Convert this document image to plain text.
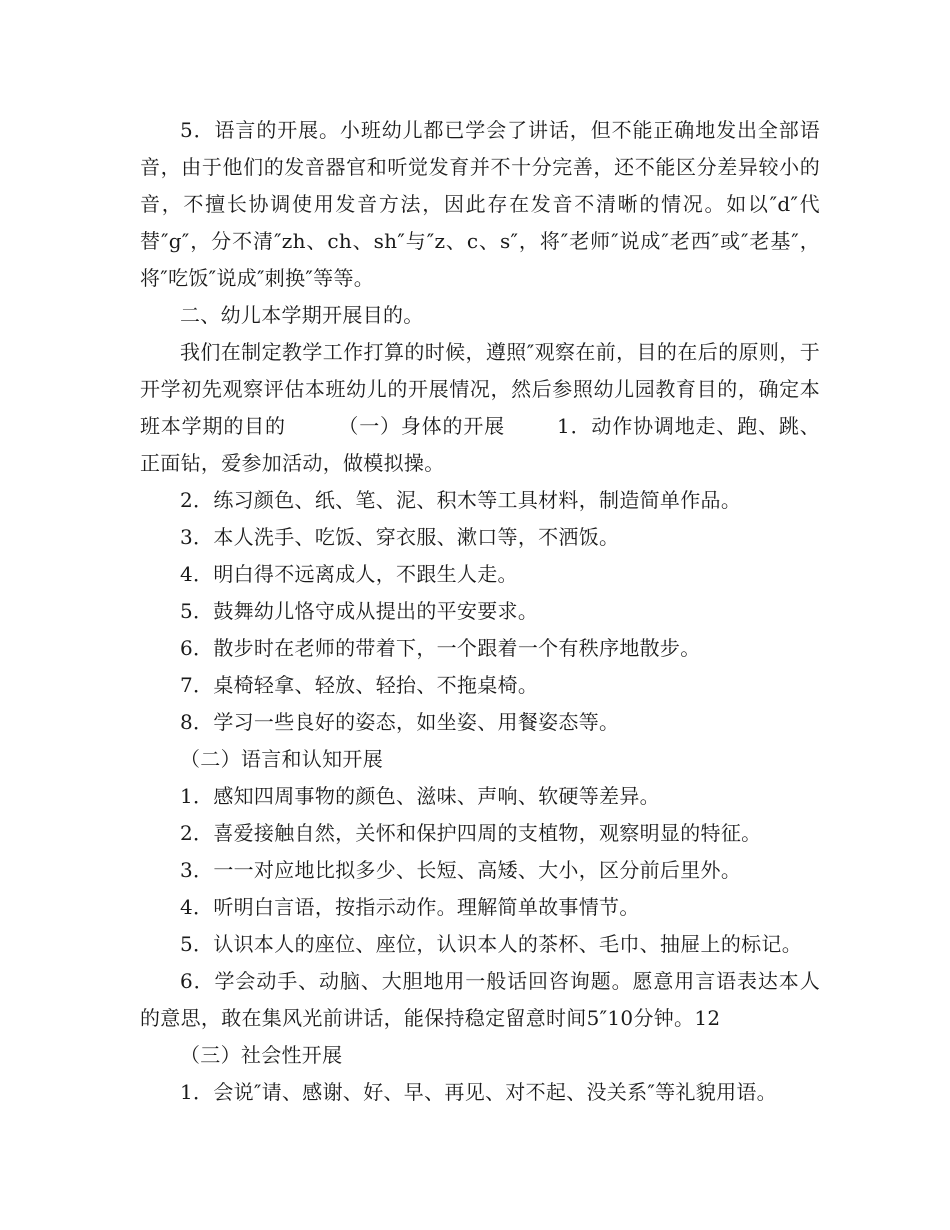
5．语言的开展。小班幼儿都已学会了讲话，但不能正确地发出全部语音，由于他们的发音器官和听觉发育并不十分完善，还不能区分差异较小的音，不擅长协调使用发音方法，因此存在发音不清晰的情况。如以″d″代替″g″，分不清″zh、ch、sh″与″z、c、s″，将″老师″说成″老西″或″老基″，将″吃饭″说成″刺换″等等。

二、幼儿本学期开展目的。

我们在制定教学工作打算的时候，遵照″观察在前，目的在后的原则，于开学初先观察评估本班幼儿的开展情况，然后参照幼儿园教育目的，确定本班本学期的目的	（一）身体的开展	1．动作协调地走、跑、跳、正面钻，爱参加活动，做模拟操。

2．练习颜色、纸、笔、泥、积木等工具材料，制造简单作品。

3．本人洗手、吃饭、穿衣服、漱口等，不洒饭。

4．明白得不远离成人，不跟生人走。

5．鼓舞幼儿恪守成从提出的平安要求。

6．散步时在老师的带着下，一个跟着一个有秩序地散步。

7．桌椅轻拿、轻放、轻抬、不拖桌椅。

8．学习一些良好的姿态，如坐姿、用餐姿态等。

（二）语言和认知开展

1．感知四周事物的颜色、滋味、声响、软硬等差异。

2．喜爱接触自然，关怀和保护四周的支植物，观察明显的特征。

3．一一对应地比拟多少、长短、高矮、大小，区分前后里外。

4．听明白言语，按指示动作。理解简单故事情节。

5．认识本人的座位、座位，认识本人的茶杯、毛巾、抽屉上的标记。

6．学会动手、动脑、大胆地用一般话回咨询题。愿意用言语表达本人的意思，敢在集风光前讲话，能保持稳定留意时间5″10分钟。12

（三）社会性开展

1．会说″请、感谢、好、早、再见、对不起、没关系″等礼貌用语。
